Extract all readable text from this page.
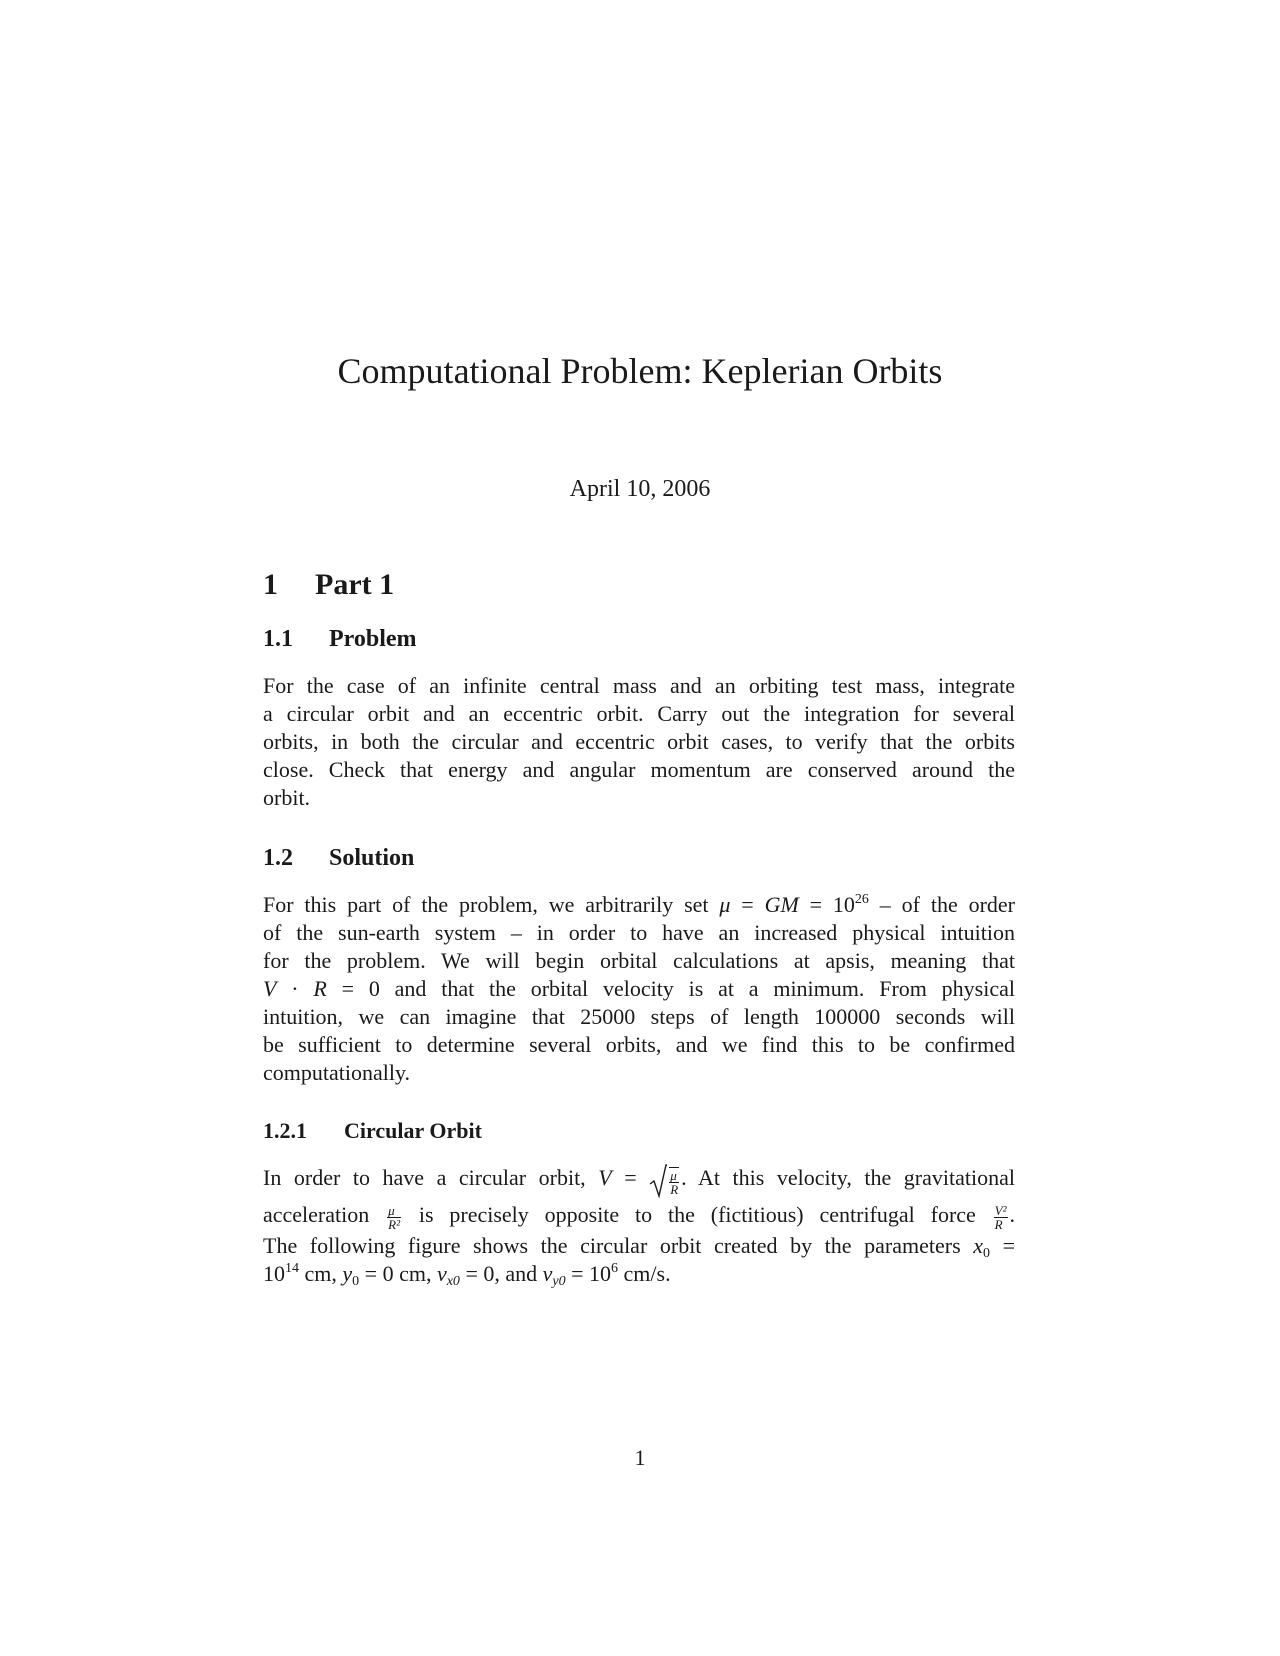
Computational Problem: Keplerian Orbits
April 10, 2006
1 Part 1
1.1 Problem
For the case of an infinite central mass and an orbiting test mass, integrate
a circular orbit and an eccentric orbit. Carry out the integration for several
orbits, in both the circular and eccentric orbit cases, to verify that the orbits
close. Check that energy and angular momentum are conserved around the
orbit.
1.2 Solution
For this part of the problem, we arbitrarily set μ = GM = $10^{26}$ – of the order
of the sun-earth system – in order to have an increased physical intuition
for the problem. We will begin orbital calculations at apsis, meaning that
V · R = 0 and that the orbital velocity is at a minimum. From physical
intuition, we can imagine that 25000 steps of length 100000 seconds will
be sufficient to determine several orbits, and we find this to be confirmed
computationally.
1.2.1 Circular Orbit
In order to have a circular orbit, $V = \frac{\mu}{R}$ . At this velocity, the gravitational
acceleration $\frac{\mu}{\text{R²}}$ is precisely opposite to the (fictitious) centrifugal force $\frac{\text{V²}}{R}$ .
The following figure shows the circular orbit created by the parameters $x_0$ =
$10^{14}$ cm, $y_0 = 0$ cm, $v_{x0} = 0$, and $v_{y0} = 10^6$ cm/s.
1
